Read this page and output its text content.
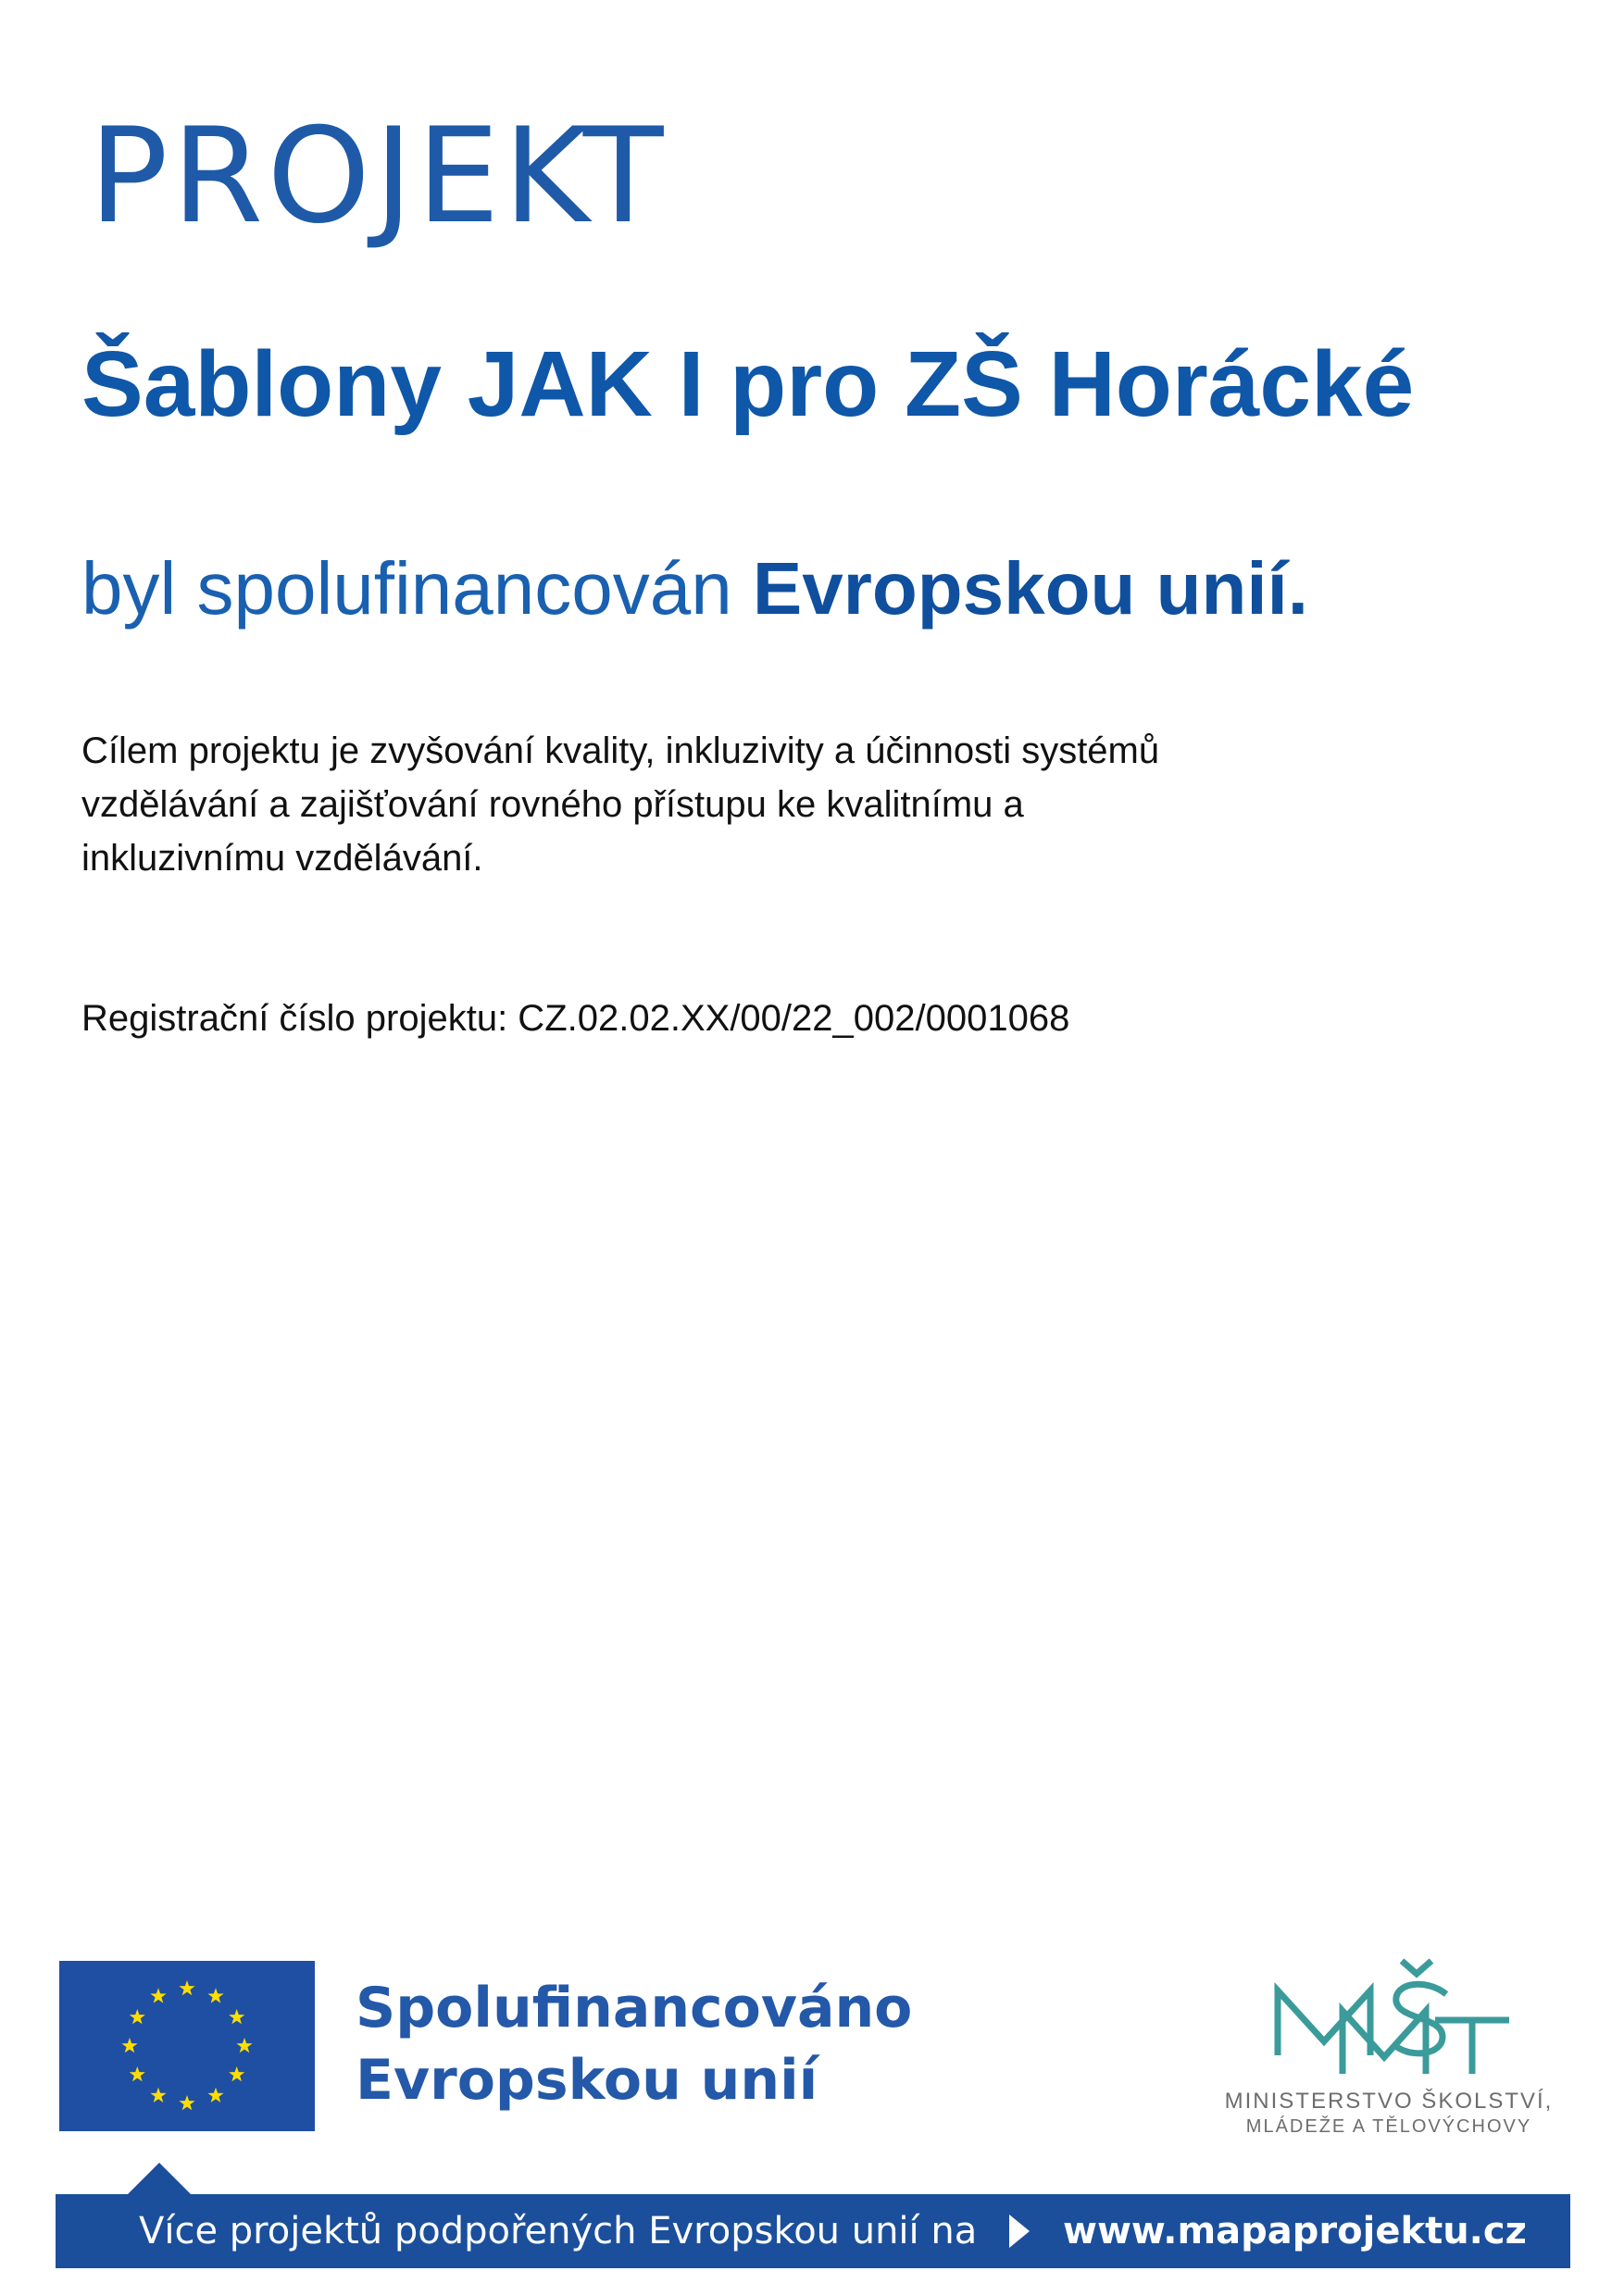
PROJEKT
Šablony JAK I pro ZŠ Horácké
byl spolufinancován Evropskou unií.
Cílem projektu je zvyšování kvality, inkluzivity a účinnosti systémů vzdělávání a zajišťování rovného přístupu ke kvalitnímu a inkluzivnímu vzdělávání.
Registrační číslo projektu: CZ.02.02.XX/00/22_002/0001068
Spolufinancováno
Evropskou unií	MINISTERSTVO ŠKOLSTVÍ,
MLÁDEŽE A TĚLOVÝCHOVY
Více projektů podpořených Evropskou unií na www.mapaprojektu.cz
